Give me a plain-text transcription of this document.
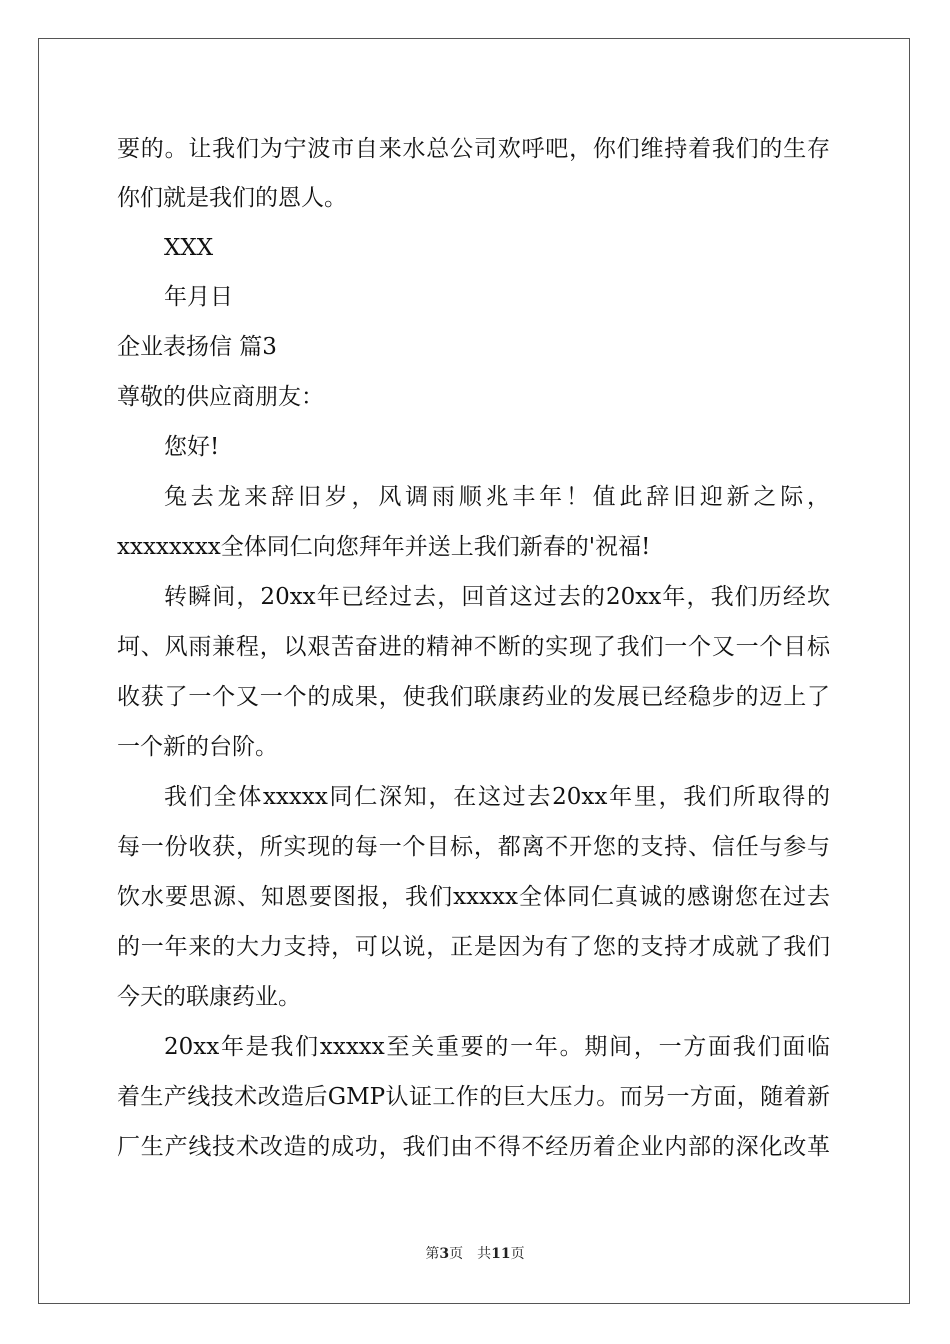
要的。让我们为宁波市自来水总公司欢呼吧，你们维持着我们的生存
你们就是我们的恩人。
XXX
年月日
企业表扬信 篇3
尊敬的供应商朋友：
您好!
兔去龙来辞旧岁，风调雨顺兆丰年！值此辞旧迎新之际，
xxxxxxxx全体同仁向您拜年并送上我们新春的'祝福!
转瞬间，20xx年已经过去，回首这过去的20xx年，我们历经坎
坷、风雨兼程，以艰苦奋进的精神不断的实现了我们一个又一个目标
收获了一个又一个的成果，使我们联康药业的发展已经稳步的迈上了
一个新的台阶。
我们全体xxxxx同仁深知，在这过去20xx年里，我们所取得的
每一份收获，所实现的每一个目标，都离不开您的支持、信任与参与
饮水要思源、知恩要图报，我们xxxxx全体同仁真诚的感谢您在过去
的一年来的大力支持，可以说，正是因为有了您的支持才成就了我们
今天的联康药业。
20xx年是我们xxxxx至关重要的一年。期间，一方面我们面临
着生产线技术改造后GMP认证工作的巨大压力。而另一方面，随着新
厂生产线技术改造的成功，我们由不得不经历着企业内部的深化改革
第3页　共11页
